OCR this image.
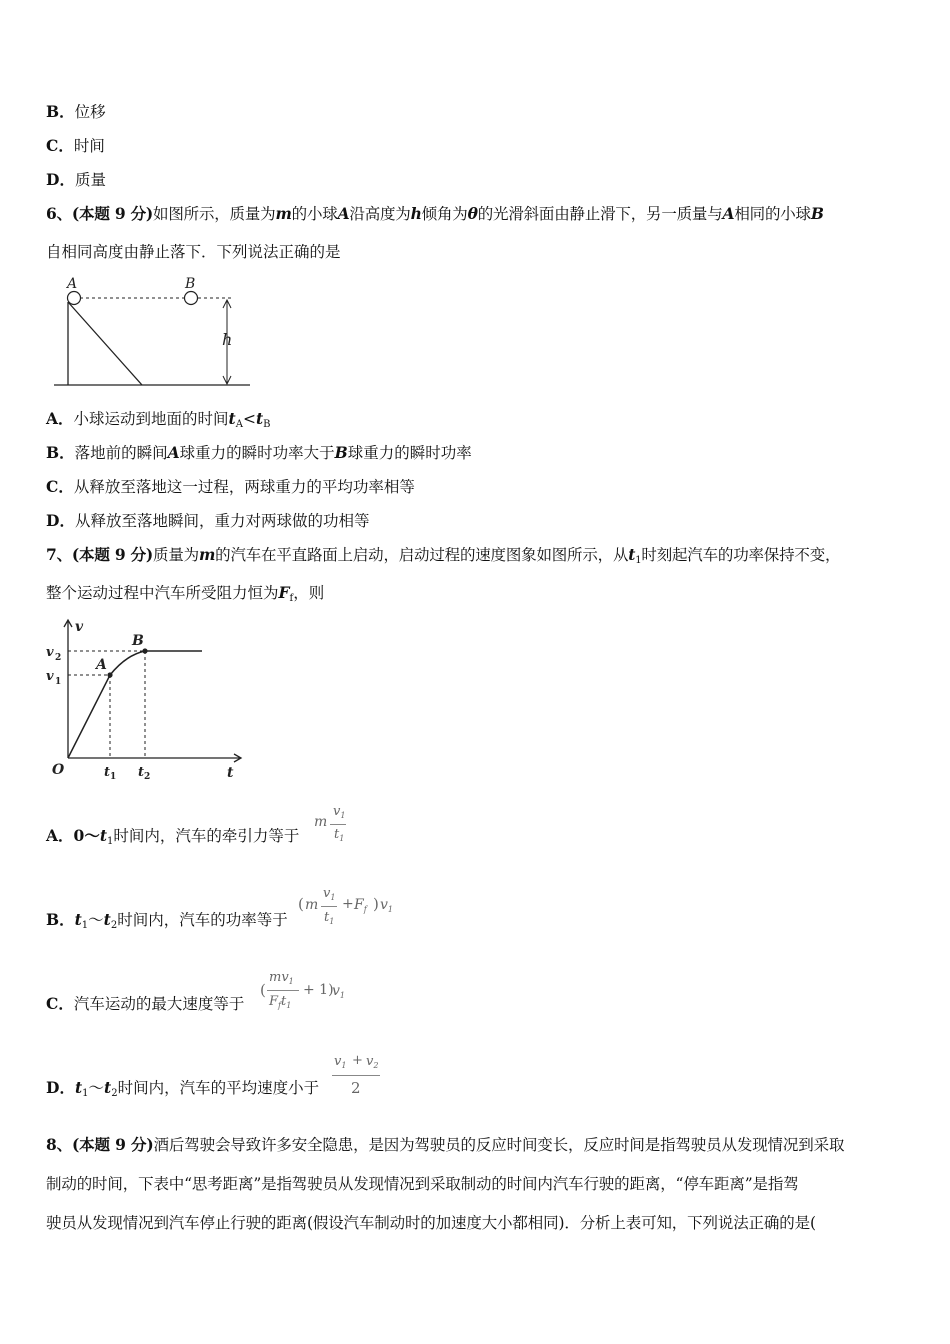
B．位移
C．时间
D．质量
6、(本题 9 分)如图所示，质量为m的小球A沿高度为h倾角为θ的光滑斜面由静止滑下，另一质量与A相同的小球B
自相同高度由静止落下．下列说法正确的是
A	B
h
A．小球运动到地面的时间$t_A<t_B$
B．落地前的瞬间A球重力的瞬时功率大于B球重力的瞬时功率
C．从释放至落地这一过程，两球重力的平均功率相等
D．从释放至落地瞬间，重力对两球做的功相等
7、(本题 9 分)质量为m的汽车在平直路面上启动，启动过程的速度图象如图所示，从$t_1$时刻起汽车的功率保持不变，
整个运动过程中汽车所受阻力恒为$F_f$，则
v
v 2
v 1
A
B
O	t 1 t 2	t
A．$0\sim t_1$时间内，汽车的牵引力等于
m
$v_1$
$t_1$
B．$t_1\sim t_2$时间内，汽车的功率等于
( m
$v_1$
$t_1$
+ $F_f$ ) $v_1$
C．汽车运动的最大速度等于
(
$mv_1$
$F_ft_1$
+ 1)
$v_1$
D．$t_1\sim t_2$时间内，汽车的平均速度小于
$v_1 + v_2$
2
8、(本题 9 分)酒后驾驶会导致许多安全隐患，是因为驾驶员的反应时间变长，反应时间是指驾驶员从发现情况到采取
制动的时间，下表中“思考距离”是指驾驶员从发现情况到采取制动的时间内汽车行驶的距离，“停车距离”是指驾
驶员从发现情况到汽车停止行驶的距离(假设汽车制动时的加速度大小都相同)．分析上表可知，下列说法正确的是(
